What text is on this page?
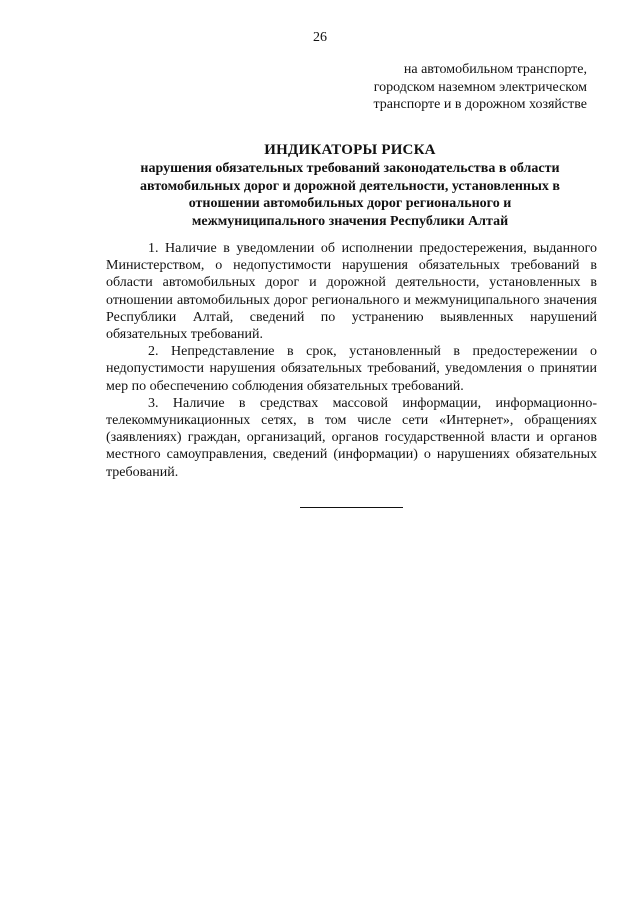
26
на автомобильном транспорте,
городском наземном электрическом
транспорте и в дорожном хозяйстве
ИНДИКАТОРЫ РИСКА
нарушения обязательных требований законодательства в области
автомобильных дорог и дорожной деятельности, установленных в
отношении автомобильных дорог регионального и
межмуниципального значения Республики Алтай

1. Наличие в уведомлении об исполнении предостережения, выданного Министерством, о недопустимости нарушения обязательных требований в области автомобильных дорог и дорожной деятельности, установленных в отношении автомобильных дорог регионального и межмуниципального значения Республики Алтай, сведений по устранению выявленных нарушений обязательных требований.

2. Непредставление в срок, установленный в предостережении о недопустимости нарушения обязательных требований, уведомления о принятии мер по обеспечению соблюдения обязательных требований.

3. Наличие в средствах массовой информации, информационно-телекоммуникационных сетях, в том числе сети «Интернет», обращениях (заявлениях) граждан, организаций, органов государственной власти и органов местного самоуправления, сведений (информации) о нарушениях обязательных требований.
